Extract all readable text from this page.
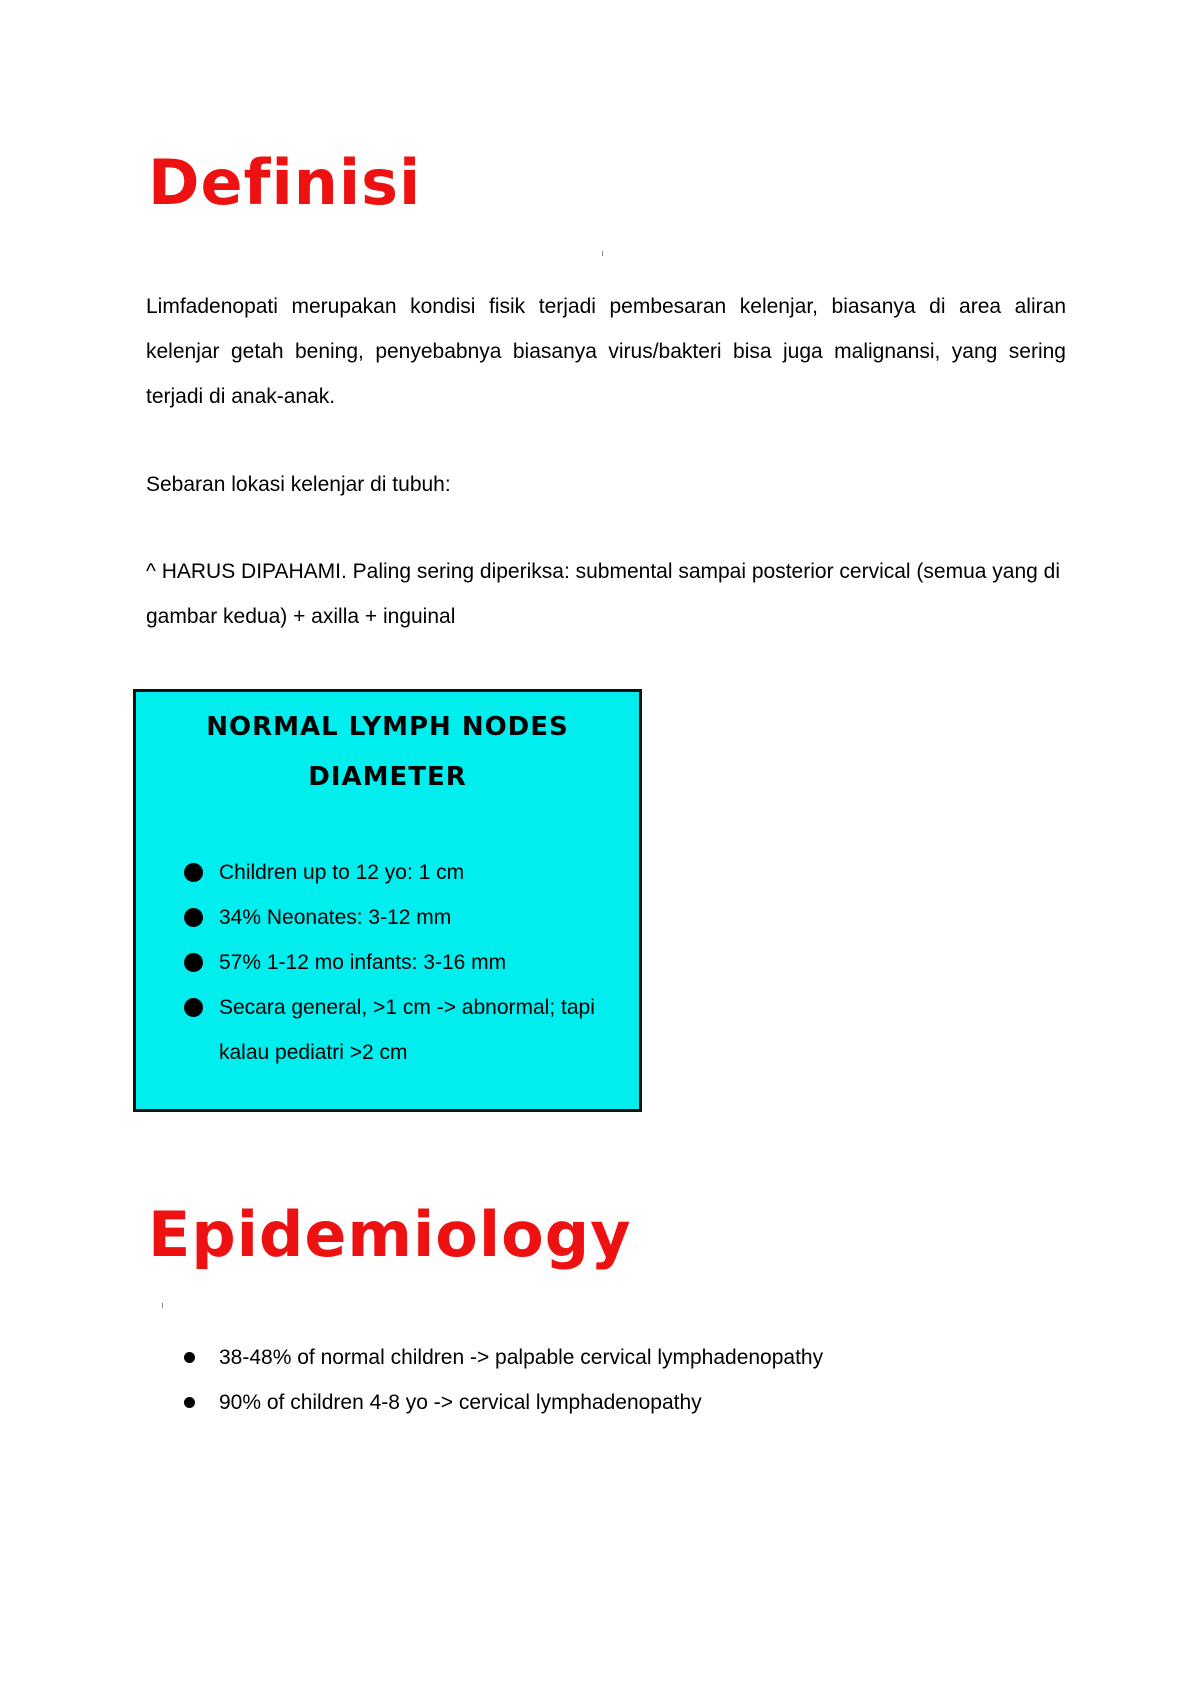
Definisi

Limfadenopati merupakan kondisi fisik terjadi pembesaran kelenjar, biasanya di area aliran kelenjar getah bening, penyebabnya biasanya virus/bakteri bisa juga malignansi, yang sering terjadi di anak-anak.

Sebaran lokasi kelenjar di tubuh:

^ HARUS DIPAHAMI. Paling sering diperiksa: submental sampai posterior cervical (semua yang di gambar kedua) + axilla + inguinal

NORMAL LYMPH NODES
DIAMETER
Children up to 12 yo: 1 cm
34% Neonates: 3-12 mm
57% 1-12 mo infants: 3-16 mm
Secara general, >1 cm -> abnormal; tapi kalau pediatri >2 cm
Epidemiology
38-48% of normal children -> palpable cervical lymphadenopathy
90% of children 4-8 yo -> cervical lymphadenopathy
